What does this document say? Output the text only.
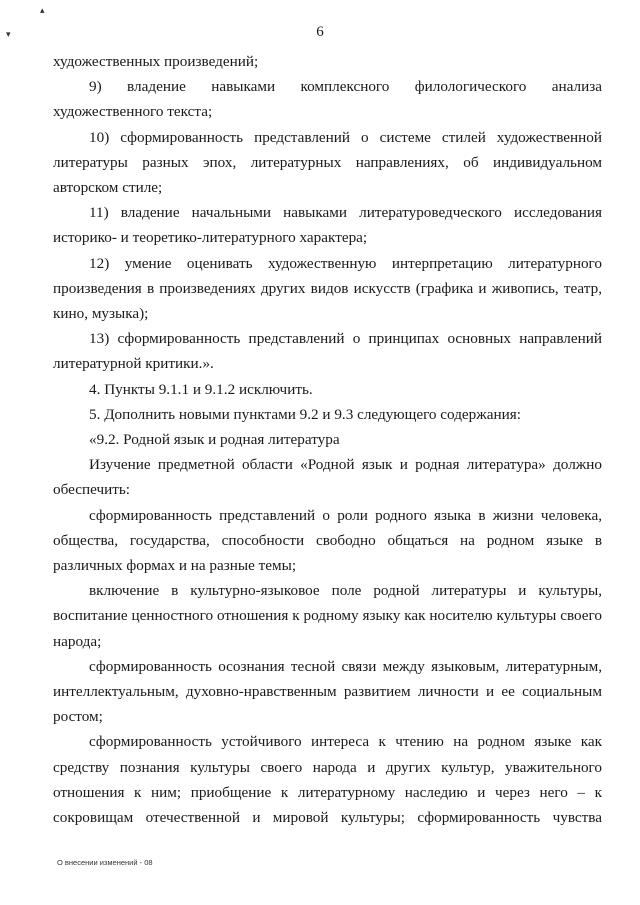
▴
▾	6

художественных произведений;

9) владение навыками комплексного филологического анализа художественного текста;

10) сформированность представлений о системе стилей художественной литературы разных эпох, литературных направлениях, об индивидуальном авторском стиле;

11) владение начальными навыками литературоведческого исследования историко- и теоретико-литературного характера;

12) умение оценивать художественную интерпретацию литературного произведения в произведениях других видов искусств (графика и живопись, театр, кино, музыка);

13) сформированность представлений о принципах основных направлений литературной критики.».

4. Пункты 9.1.1 и 9.1.2 исключить.

5. Дополнить новыми пунктами 9.2 и 9.3 следующего содержания:

«9.2. Родной язык и родная литература

Изучение предметной области «Родной язык и родная литература» должно обеспечить:

сформированность представлений о роли родного языка в жизни человека, общества, государства, способности свободно общаться на родном языке в различных формах и на разные темы;

включение в культурно-языковое поле родной литературы и культуры, воспитание ценностного отношения к родному языку как носителю культуры своего народа;

сформированность осознания тесной связи между языковым, литературным, интеллектуальным, духовно-нравственным развитием личности и ее социальным ростом;

сформированность устойчивого интереса к чтению на родном языке как средству познания культуры своего народа и других культур, уважительного отношения к ним; приобщение к литературному наследию и через него – к сокровищам отечественной и мировой культуры; сформированность чувства

О внесении изменений - 08
